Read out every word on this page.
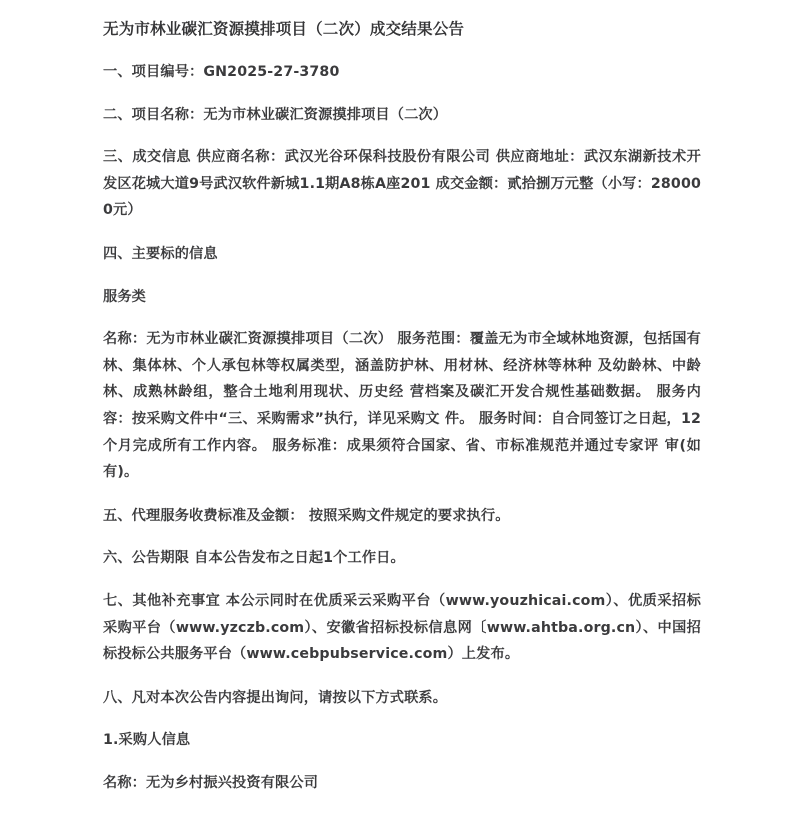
无为市林业碳汇资源摸排项目（二次）成交结果公告

一、项目编号：GN2025-27-3780

二、项目名称：无为市林业碳汇资源摸排项目（二次）

三、成交信息 供应商名称：武汉光谷环保科技股份有限公司 供应商地址：武汉东湖新技术开发区花城大道9号武汉软件新城1.1期A8栋A座201 成交金额：贰拾捌万元整（小写：280000元）

四、主要标的信息

服务类

名称：无为市林业碳汇资源摸排项目（二次） 服务范围：覆盖无为市全域林地资源，包括国有林、集体林、个人承包林等权属类型，涵盖防护林、用材林、经济林等林种 及幼龄林、中龄林、成熟林龄组，整合土地利用现状、历史经 营档案及碳汇开发合规性基础数据。 服务内容：按采购文件中“三、采购需求”执行，详见采购文 件。 服务时间：自合同签订之日起，12个月完成所有工作内容。 服务标准：成果须符合国家、省、市标准规范并通过专家评 审(如有)。

五、代理服务收费标准及金额： 按照采购文件规定的要求执行。

六、公告期限 自本公告发布之日起1个工作日。

七、其他补充事宜 本公示同时在优质采云采购平台（www.youzhicai.com）、优质采招标采购平台（www.yzczb.com）、安徽省招标投标信息网〔www.ahtba.org.cn）、中国招标投标公共服务平台（www.cebpubservice.com）上发布。

八、凡对本次公告内容提出询问，请按以下方式联系。

1.采购人信息

名称：无为乡村振兴投资有限公司
